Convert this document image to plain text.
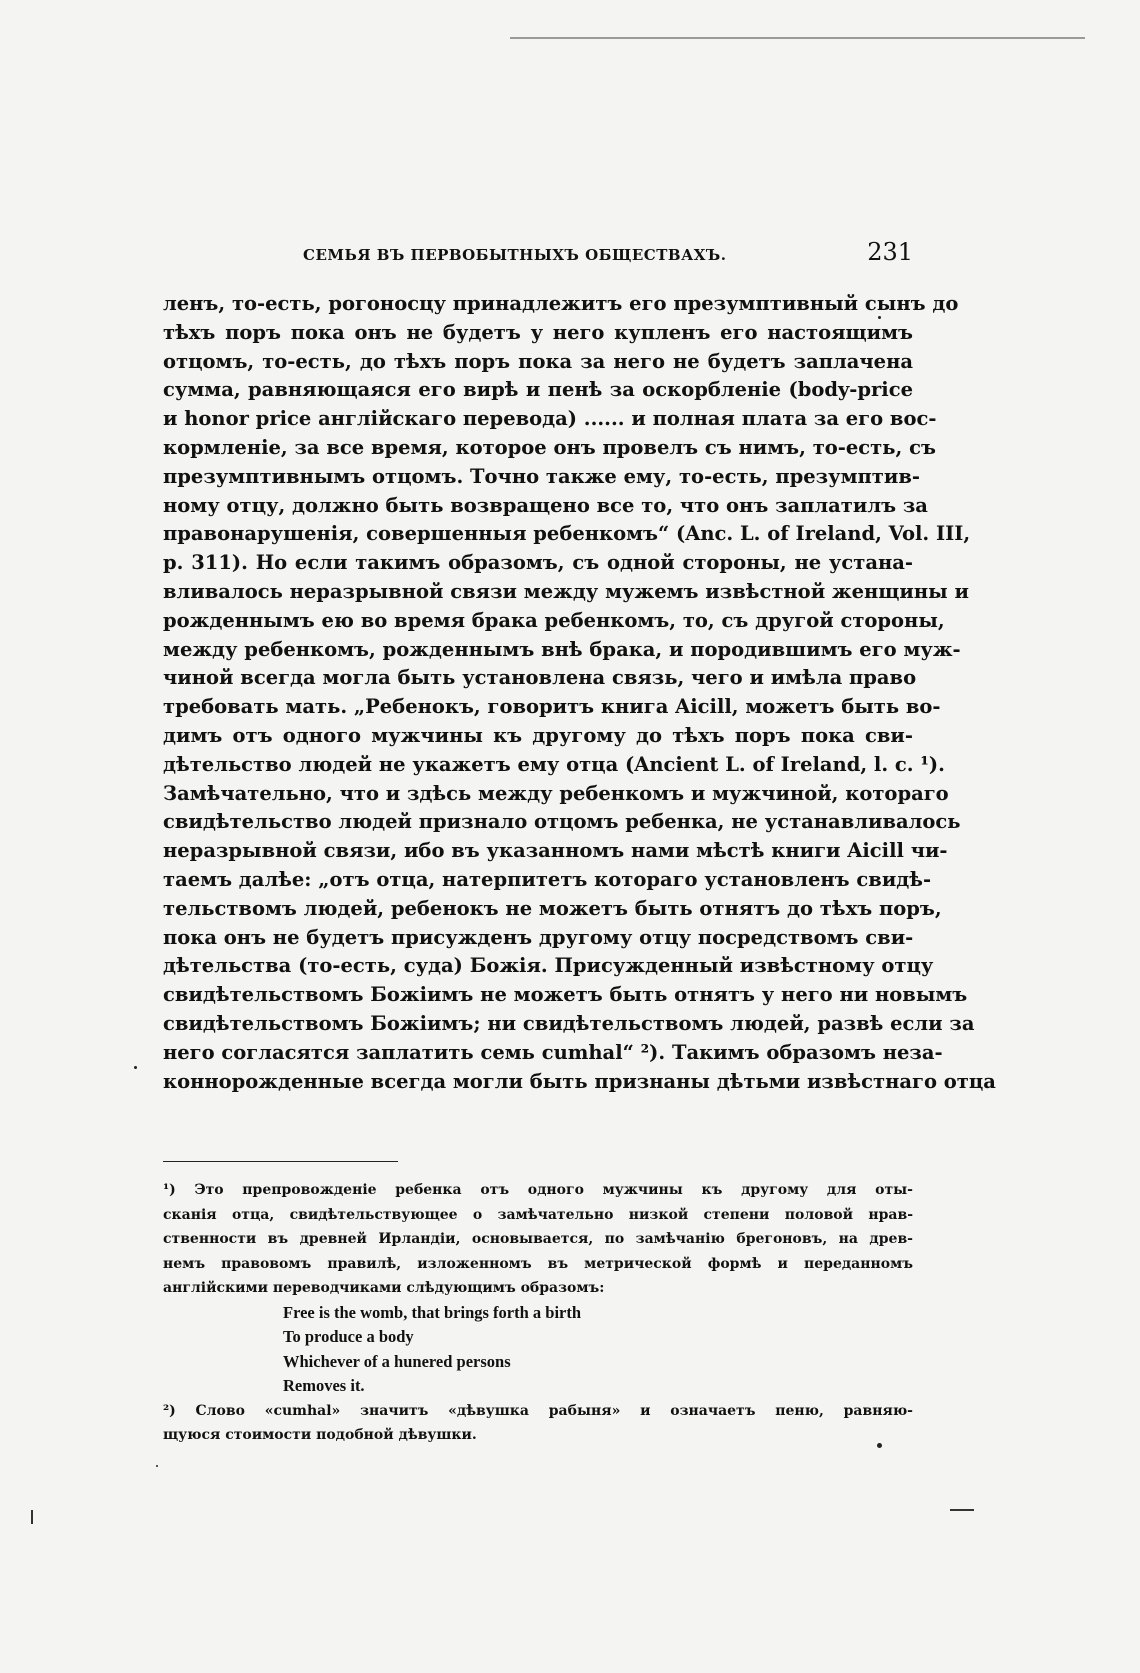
СЕМЬЯ ВЪ ПЕРВОБЫТНЫХЪ ОБЩЕСТВАХЪ.	231
ленъ, то-есть, рогоносцу принадлежитъ его презумптивный сынъ до
тѣхъ поръ пока онъ не будетъ у него купленъ его настоящимъ
отцомъ, то-есть, до тѣхъ поръ пока за него не будетъ заплачена
сумма, равняющаяся его вирѣ и пенѣ за оскорбленіе (body-price
и honor price англійскаго перевода) ...... и полная плата за его вос-
кормленіе, за все время, которое онъ провелъ съ нимъ, то-есть, съ
презумптивнымъ отцомъ. Точно также ему, то-есть, презумптив-
ному отцу, должно быть возвращено все то, что онъ заплатилъ за
правонарушенія, совершенныя ребенкомъ“ (Anc. L. of Ireland, Vol. III,
p. 311). Но если такимъ образомъ, съ одной стороны, не устана-
вливалось неразрывной связи между мужемъ извѣстной женщины и
рожденнымъ ею во время брака ребенкомъ, то, съ другой стороны,
между ребенкомъ, рожденнымъ внѣ брака, и породившимъ его муж-
чиной всегда могла быть установлена связь, чего и имѣла право
требовать мать. „Ребенокъ, говоритъ книга Aicill, можетъ быть во-
димъ отъ одного мужчины къ другому до тѣхъ поръ пока сви-
дѣтельство людей не укажетъ ему отца (Ancient L. of Ireland, l. c. ¹).
Замѣчательно, что и здѣсь между ребенкомъ и мужчиной, котораго
свидѣтельство людей признало отцомъ ребенка, не устанавливалось
неразрывной связи, ибо въ указанномъ нами мѣстѣ книги Aicill чи-
таемъ далѣе: „отъ отца, натерпитетъ котораго установленъ свидѣ-
тельствомъ людей, ребенокъ не можетъ быть отнятъ до тѣхъ поръ,
пока онъ не будетъ присужденъ другому отцу посредствомъ сви-
дѣтельства (то-есть, суда) Божія. Присужденный извѣстному отцу
свидѣтельствомъ Божіимъ не можетъ быть отнятъ у него ни новымъ
свидѣтельствомъ Божіимъ; ни свидѣтельствомъ людей, развѣ если за
него согласятся заплатить семь cumhal“ ²). Такимъ образомъ неза-
коннорожденные всегда могли быть признаны дѣтьми извѣстнаго отца
¹) Это препровожденіе ребенка отъ одного мужчины къ другому для оты-
сканія отца, свидѣтельствующее о замѣчательно низкой степени половой нрав-
ственности въ древней Ирландіи, основывается, по замѣчанію брегоновъ, на древ-
немъ правовомъ правилѣ, изложенномъ въ метрической формѣ и переданномъ
англійскими переводчиками слѣдующимъ образомъ:
Free is the womb, that brings forth a birth
To produce a body
Whichever of a hunered persons
Removes it.
²) Слово «cumhal» значитъ «дѣвушка рабыня» и означаетъ пеню, равняю-
щуюся стоимости подобной дѣвушки.
